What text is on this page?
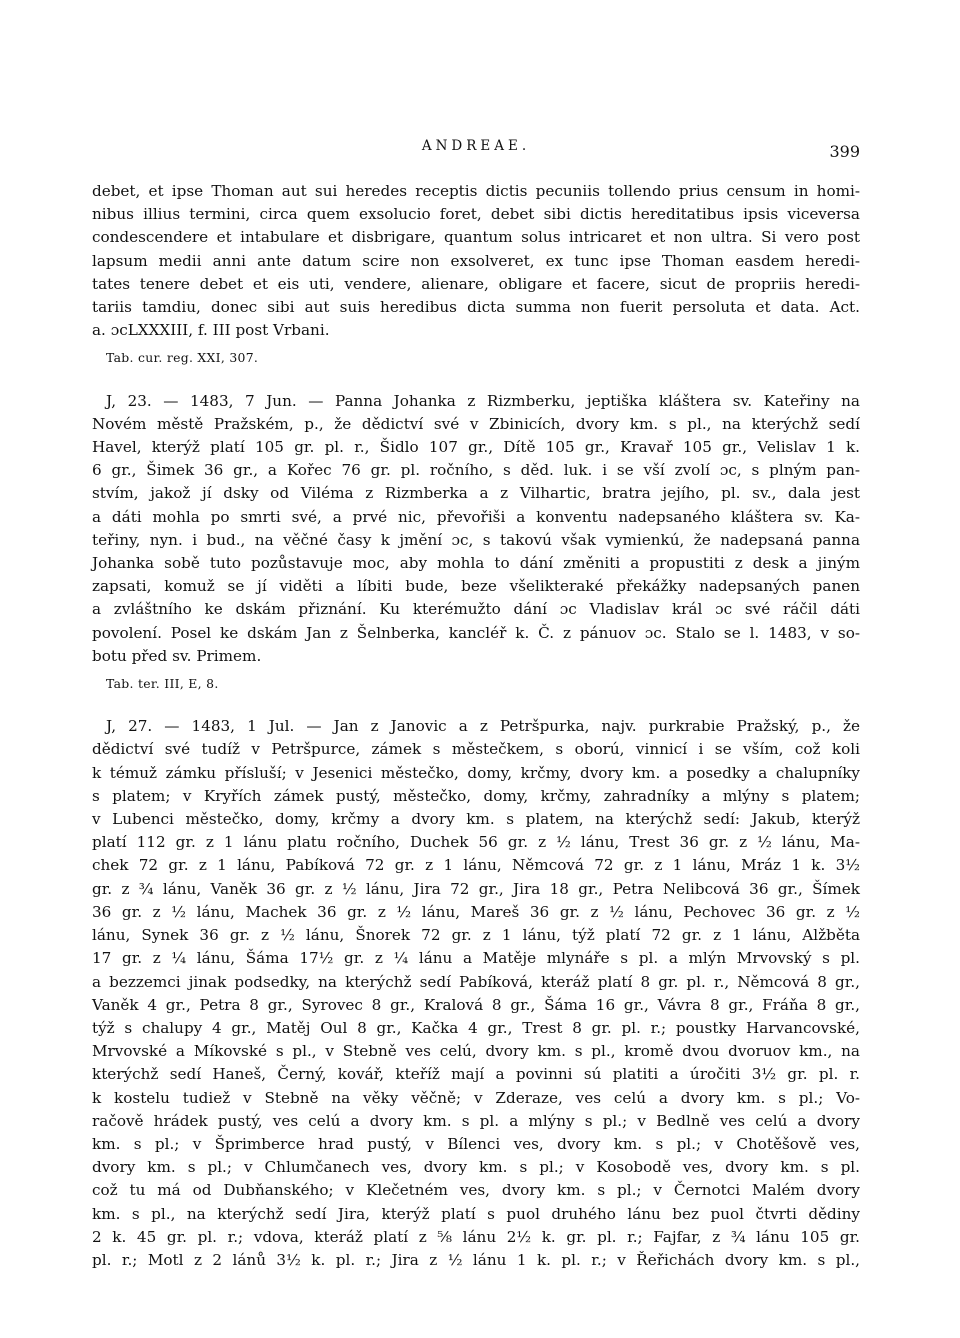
ANDREAE.	399
debet, et ipse Thoman aut sui heredes receptis dictis pecuniis tollendo prius censum in homi-
nibus illius termini, circa quem exsolucio foret, debet sibi dictis hereditatibus ipsis viceversa
condescendere et intabulare et disbrigare, quantum solus intricaret et non ultra. Si vero post
lapsum medii anni ante datum scire non exsolveret, ex tunc ipse Thoman easdem heredi-
tates tenere debet et eis uti, vendere, alienare, obligare et facere, sicut de propriis heredi-
tariis tamdiu, donec sibi aut suis heredibus dicta summa non fuerit persoluta et data. Act.
a. ɔcLXXXIII, f. III post Vrbani.
Tab. cur. reg. XXI, 307.
J, 23. — 1483, 7 Jun. — Panna Johanka z Rizmberku, jeptiška kláštera sv. Kateřiny na
Novém městě Pražském, p., že dědictví své v Zbinicích, dvory km. s pl., na kterýchž sedí
Havel, kterýž platí 105 gr. pl. r., Šidlo 107 gr., Dítě 105 gr., Kravař 105 gr., Velislav 1 k.
6 gr., Šimek 36 gr., a Kořec 76 gr. pl. ročního, s děd. luk. i se vší zvolí ɔc, s plným pan-
stvím, jakož jí dsky od Viléma z Rizmberka a z Vilhartic, bratra jejího, pl. sv., dala jest
a dáti mohla po smrti své, a prvé nic, převořiši a konventu nadepsaného kláštera sv. Ka-
teřiny, nyn. i bud., na věčné časy k jmění ɔc, s takovú však vymienkú, že nadepsaná panna
Johanka sobě tuto pozůstavuje moc, aby mohla to dání změniti a propustiti z desk a jiným
zapsati, komuž se jí viděti a líbiti bude, beze všelikteraké překážky nadepsaných panen
a zvláštního ke dskám přiznání. Ku kterémužto dání ɔc Vladislav král ɔc své ráčil dáti
povolení. Posel ke dskám Jan z Šelnberka, kancléř k. Č. z pánuov ɔc. Stalo se l. 1483, v so-
botu před sv. Primem.
Tab. ter. III, E, 8.
J, 27. — 1483, 1 Jul. — Jan z Janovic a z Petršpurka, najv. purkrabie Pražský, p., že
dědictví své tudíž v Petršpurce, zámek s městečkem, s oború, vinnicí i se vším, což koli
k témuž zámku přísluší; v Jesenici městečko, domy, krčmy, dvory km. a posedky a chalupníky
s platem; v Kryřích zámek pustý, městečko, domy, krčmy, zahradníky a mlýny s platem;
v Lubenci městečko, domy, krčmy a dvory km. s platem, na kterýchž sedí: Jakub, kterýž
platí 112 gr. z 1 lánu platu ročního, Duchek 56 gr. z ½ lánu, Trest 36 gr. z ½ lánu, Ma-
chek 72 gr. z 1 lánu, Pabíková 72 gr. z 1 lánu, Němcová 72 gr. z 1 lánu, Mráz 1 k. 3½
gr. z ¾ lánu, Vaněk 36 gr. z ½ lánu, Jira 72 gr., Jira 18 gr., Petra Nelibcová 36 gr., Šímek
36 gr. z ½ lánu, Machek 36 gr. z ½ lánu, Mareš 36 gr. z ½ lánu, Pechovec 36 gr. z ½
lánu, Synek 36 gr. z ½ lánu, Šnorek 72 gr. z 1 lánu, týž platí 72 gr. z 1 lánu, Alžběta
17 gr. z ¼ lánu, Šáma 17½ gr. z ¼ lánu a Matěje mlynáře s pl. a mlýn Mrvovský s pl.
a bezzemci jinak podsedky, na kterýchž sedí Pabíková, kteráž platí 8 gr. pl. r., Němcová 8 gr.,
Vaněk 4 gr., Petra 8 gr., Syrovec 8 gr., Kralová 8 gr., Šáma 16 gr., Vávra 8 gr., Fráňa 8 gr.,
týž s chalupy 4 gr., Matěj Oul 8 gr., Kačka 4 gr., Trest 8 gr. pl. r.; poustky Harvancovské,
Mrvovské a Míkovské s pl., v Stebně ves celú, dvory km. s pl., kromě dvou dvoruov km., na
kterýchž sedí Haneš, Černý, kovář, kteříž mají a povinni sú platiti a úročiti 3½ gr. pl. r.
k kostelu tudiež v Stebně na věky věčně; v Zderaze, ves celú a dvory km. s pl.; Vo-
račově hrádek pustý, ves celú a dvory km. s pl. a mlýny s pl.; v Bedlně ves celú a dvory
km. s pl.; v Šprimberce hrad pustý, v Bílenci ves, dvory km. s pl.; v Chotěšově ves,
dvory km. s pl.; v Chlumčanech ves, dvory km. s pl.; v Kosobodě ves, dvory km. s pl.
což tu má od Dubňanského; v Klečetném ves, dvory km. s pl.; v Černotci Malém dvory
km. s pl., na kterýchž sedí Jira, kterýž platí s puol druhého lánu bez puol čtvrti dědiny
2 k. 45 gr. pl. r.; vdova, kteráž platí z ⅝ lánu 2½ k. gr. pl. r.; Fajfar, z ¾ lánu 105 gr.
pl. r.; Motl z 2 lánů 3½ k. pl. r.; Jira z ½ lánu 1 k. pl. r.; v Řeřichách dvory km. s pl.,
